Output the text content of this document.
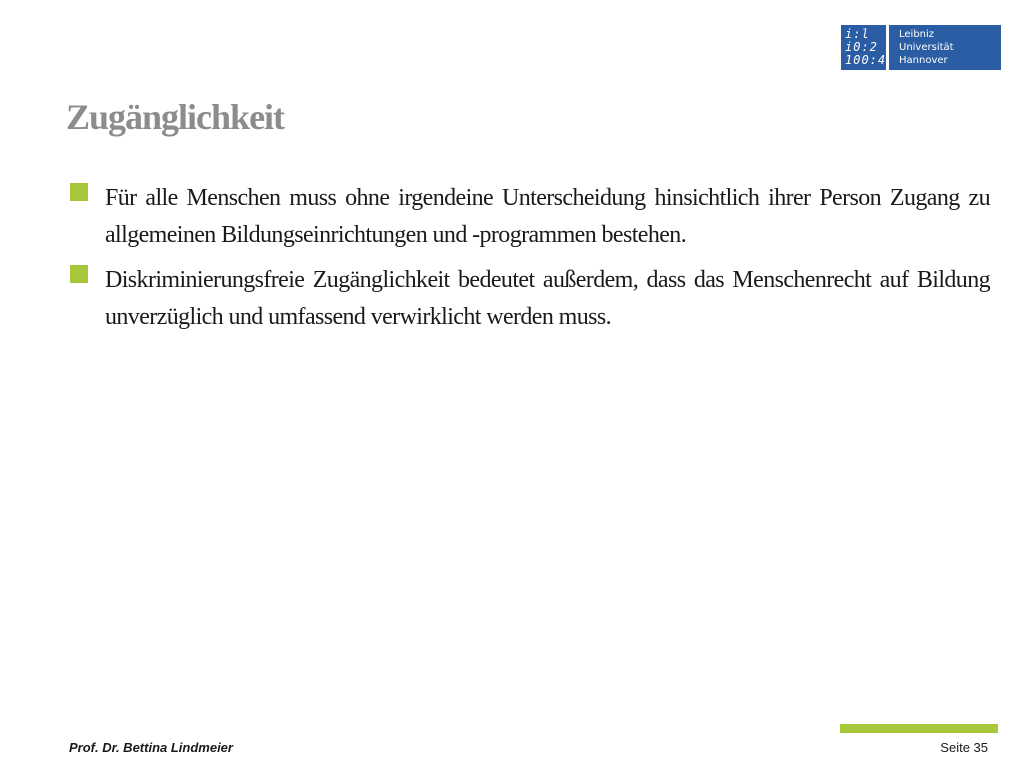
i:l
i0:2
100:4
Leibniz
Universität
Hannover
Zugänglichkeit
Für alle Menschen muss ohne irgendeine Unterscheidung hinsichtlich ihrer Person Zugang zu allgemeinen Bildungseinrichtungen und -programmen bestehen.
Diskriminierungsfreie Zugänglichkeit bedeutet außerdem, dass das Menschenrecht auf Bildung unverzüglich und umfassend verwirklicht werden muss.
Prof. Dr. Bettina Lindmeier	Seite 35
